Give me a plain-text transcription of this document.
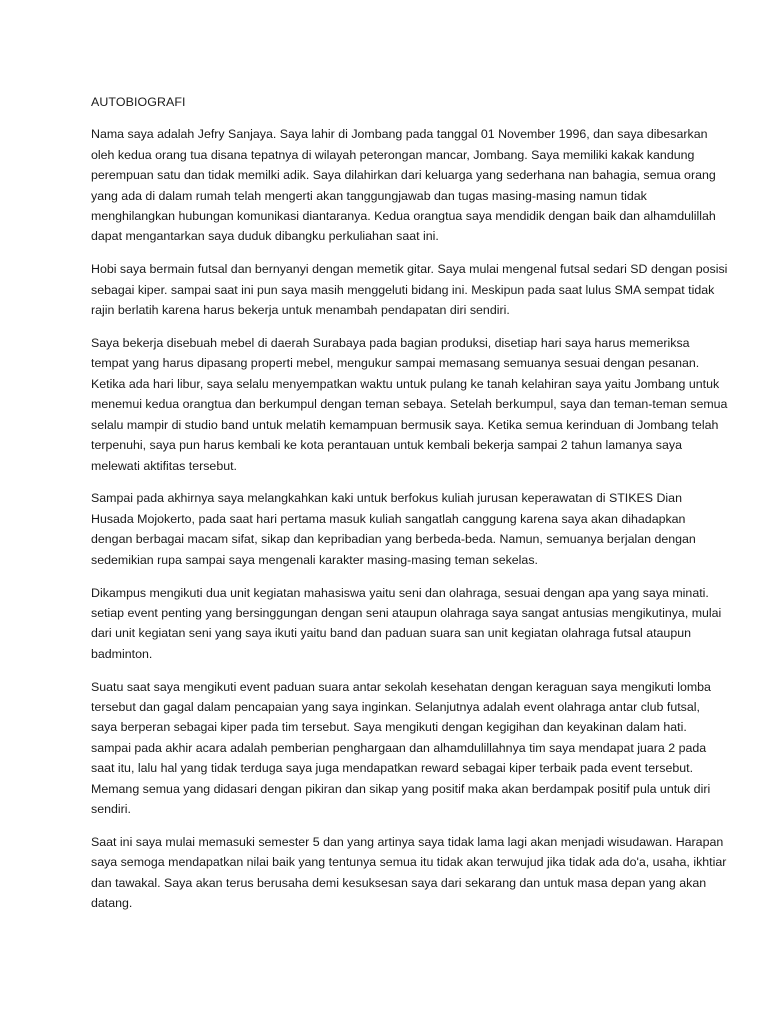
AUTOBIOGRAFI

Nama saya adalah Jefry Sanjaya. Saya lahir di Jombang pada tanggal 01 November 1996, dan saya dibesarkan oleh kedua orang tua disana tepatnya di wilayah peterongan mancar, Jombang. Saya memiliki kakak kandung perempuan satu dan tidak memilki adik. Saya dilahirkan dari keluarga yang sederhana nan bahagia, semua orang yang ada di dalam rumah telah mengerti akan tanggungjawab dan tugas masing-masing namun tidak menghilangkan hubungan komunikasi diantaranya. Kedua orangtua saya mendidik dengan baik dan alhamdulillah dapat mengantarkan saya duduk dibangku perkuliahan saat ini.

Hobi saya bermain futsal dan bernyanyi dengan memetik gitar. Saya mulai mengenal futsal sedari SD dengan posisi sebagai kiper. sampai saat ini pun saya masih menggeluti bidang ini. Meskipun pada saat lulus SMA sempat tidak rajin berlatih karena harus bekerja untuk menambah pendapatan diri sendiri.

Saya bekerja disebuah mebel di daerah Surabaya pada bagian produksi, disetiap hari saya harus memeriksa tempat yang harus dipasang properti mebel, mengukur sampai memasang semuanya sesuai dengan pesanan. Ketika ada hari libur, saya selalu menyempatkan waktu untuk pulang ke tanah kelahiran saya yaitu Jombang untuk menemui kedua orangtua dan berkumpul dengan teman sebaya. Setelah berkumpul, saya dan teman-teman semua selalu mampir di studio band untuk melatih kemampuan bermusik saya. Ketika semua kerinduan di Jombang telah terpenuhi, saya pun harus kembali ke kota perantauan untuk kembali bekerja sampai 2 tahun lamanya saya melewati aktifitas tersebut.

Sampai pada akhirnya saya melangkahkan kaki untuk berfokus kuliah jurusan keperawatan di STIKES Dian Husada Mojokerto, pada saat hari pertama masuk kuliah sangatlah canggung karena saya akan dihadapkan dengan berbagai macam sifat, sikap dan kepribadian yang berbeda-beda. Namun, semuanya berjalan dengan sedemikian rupa sampai saya mengenali karakter masing-masing teman sekelas.

Dikampus mengikuti dua unit kegiatan mahasiswa yaitu seni dan olahraga, sesuai dengan apa yang saya minati. setiap event penting yang bersinggungan dengan seni ataupun olahraga saya sangat antusias mengikutinya, mulai dari unit kegiatan seni yang saya ikuti yaitu band dan paduan suara san unit kegiatan olahraga futsal ataupun badminton.

Suatu saat saya mengikuti event paduan suara antar sekolah kesehatan dengan keraguan saya mengikuti lomba tersebut dan gagal dalam pencapaian yang saya inginkan. Selanjutnya adalah event olahraga antar club futsal, saya berperan sebagai kiper pada tim tersebut. Saya mengikuti dengan kegigihan dan keyakinan dalam hati. sampai pada akhir acara adalah pemberian penghargaan dan alhamdulillahnya tim saya mendapat juara 2 pada saat itu, lalu hal yang tidak terduga saya juga mendapatkan reward sebagai kiper terbaik pada event tersebut. Memang semua yang didasari dengan pikiran dan sikap yang positif maka akan berdampak positif pula untuk diri sendiri.

Saat ini saya mulai memasuki semester 5 dan yang artinya saya tidak lama lagi akan menjadi wisudawan. Harapan saya semoga mendapatkan nilai baik yang tentunya semua itu tidak akan terwujud jika tidak ada do'a, usaha, ikhtiar dan tawakal. Saya akan terus berusaha demi kesuksesan saya dari sekarang dan untuk masa depan yang akan datang.
